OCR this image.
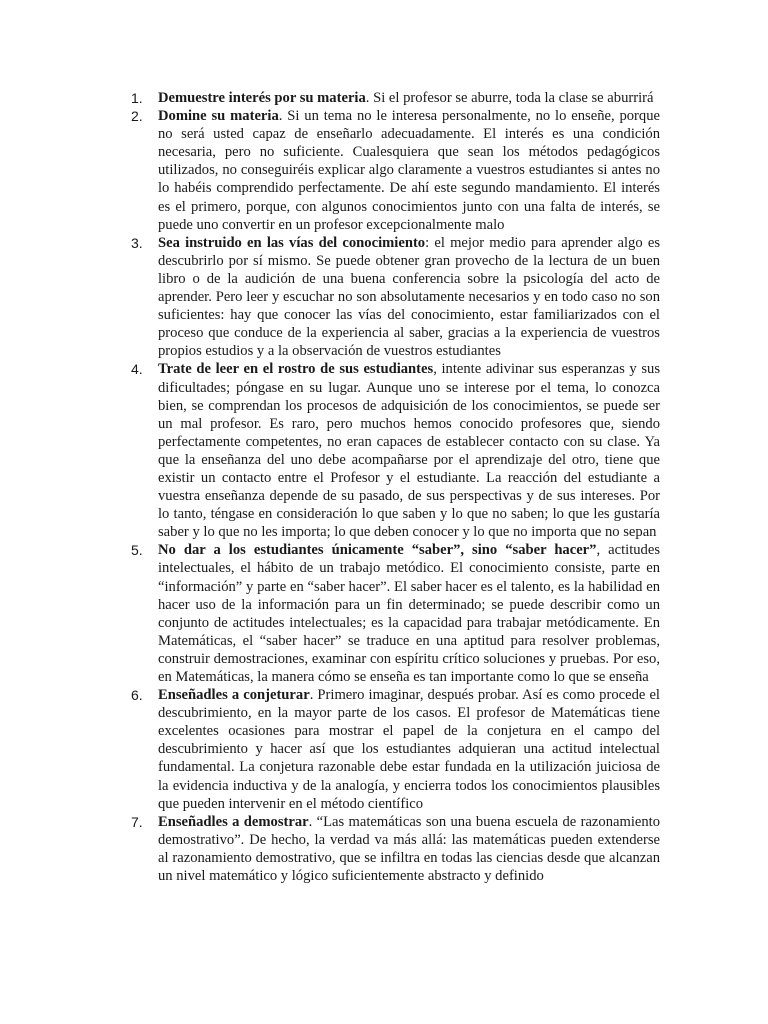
1. Demuestre interés por su materia. Si el profesor se aburre, toda la clase se aburrirá
2. Domine su materia. Si un tema no le interesa personalmente, no lo enseñe, porque no será usted capaz de enseñarlo adecuadamente. El interés es una condición necesaria, pero no suficiente. Cualesquiera que sean los métodos pedagógicos utilizados, no conseguiréis explicar algo claramente a vuestros estudiantes si antes no lo habéis comprendido perfectamente. De ahí este segundo mandamiento. El interés es el primero, porque, con algunos conocimientos junto con una falta de interés, se puede uno convertir en un profesor excepcionalmente malo
3. Sea instruido en las vías del conocimiento: el mejor medio para aprender algo es descubrirlo por sí mismo. Se puede obtener gran provecho de la lectura de un buen libro o de la audición de una buena conferencia sobre la psicología del acto de aprender. Pero leer y escuchar no son absolutamente necesarios y en todo caso no son suficientes: hay que conocer las vías del conocimiento, estar familiarizados con el proceso que conduce de la experiencia al saber, gracias a la experiencia de vuestros propios estudios y a la observación de vuestros estudiantes
4. Trate de leer en el rostro de sus estudiantes, intente adivinar sus esperanzas y sus dificultades; póngase en su lugar. Aunque uno se interese por el tema, lo conozca bien, se comprendan los procesos de adquisición de los conocimientos, se puede ser un mal profesor. Es raro, pero muchos hemos conocido profesores que, siendo perfectamente competentes, no eran capaces de establecer contacto con su clase. Ya que la enseñanza del uno debe acompañarse por el aprendizaje del otro, tiene que existir un contacto entre el Profesor y el estudiante. La reacción del estudiante a vuestra enseñanza depende de su pasado, de sus perspectivas y de sus intereses. Por lo tanto, téngase en consideración lo que saben y lo que no saben; lo que les gustaría saber y lo que no les importa; lo que deben conocer y lo que no importa que no sepan
5. No dar a los estudiantes únicamente “saber”, sino “saber hacer”, actitudes intelectuales, el hábito de un trabajo metódico. El conocimiento consiste, parte en “información” y parte en “saber hacer”. El saber hacer es el talento, es la habilidad en hacer uso de la información para un fin determinado; se puede describir como un conjunto de actitudes intelectuales; es la capacidad para trabajar metódicamente. En Matemáticas, el “saber hacer” se traduce en una aptitud para resolver problemas, construir demostraciones, examinar con espíritu crítico soluciones y pruebas. Por eso, en Matemáticas, la manera cómo se enseña es tan importante como lo que se enseña
6. Enseñadles a conjeturar. Primero imaginar, después probar. Así es como procede el descubrimiento, en la mayor parte de los casos. El profesor de Matemáticas tiene excelentes ocasiones para mostrar el papel de la conjetura en el campo del descubrimiento y hacer así que los estudiantes adquieran una actitud intelectual fundamental. La conjetura razonable debe estar fundada en la utilización juiciosa de la evidencia inductiva y de la analogía, y encierra todos los conocimientos plausibles que pueden intervenir en el método científico
7. Enseñadles a demostrar. “Las matemáticas son una buena escuela de razonamiento demostrativo”. De hecho, la verdad va más allá: las matemáticas pueden extenderse al razonamiento demostrativo, que se infiltra en todas las ciencias desde que alcanzan un nivel matemático y lógico suficientemente abstracto y definido
